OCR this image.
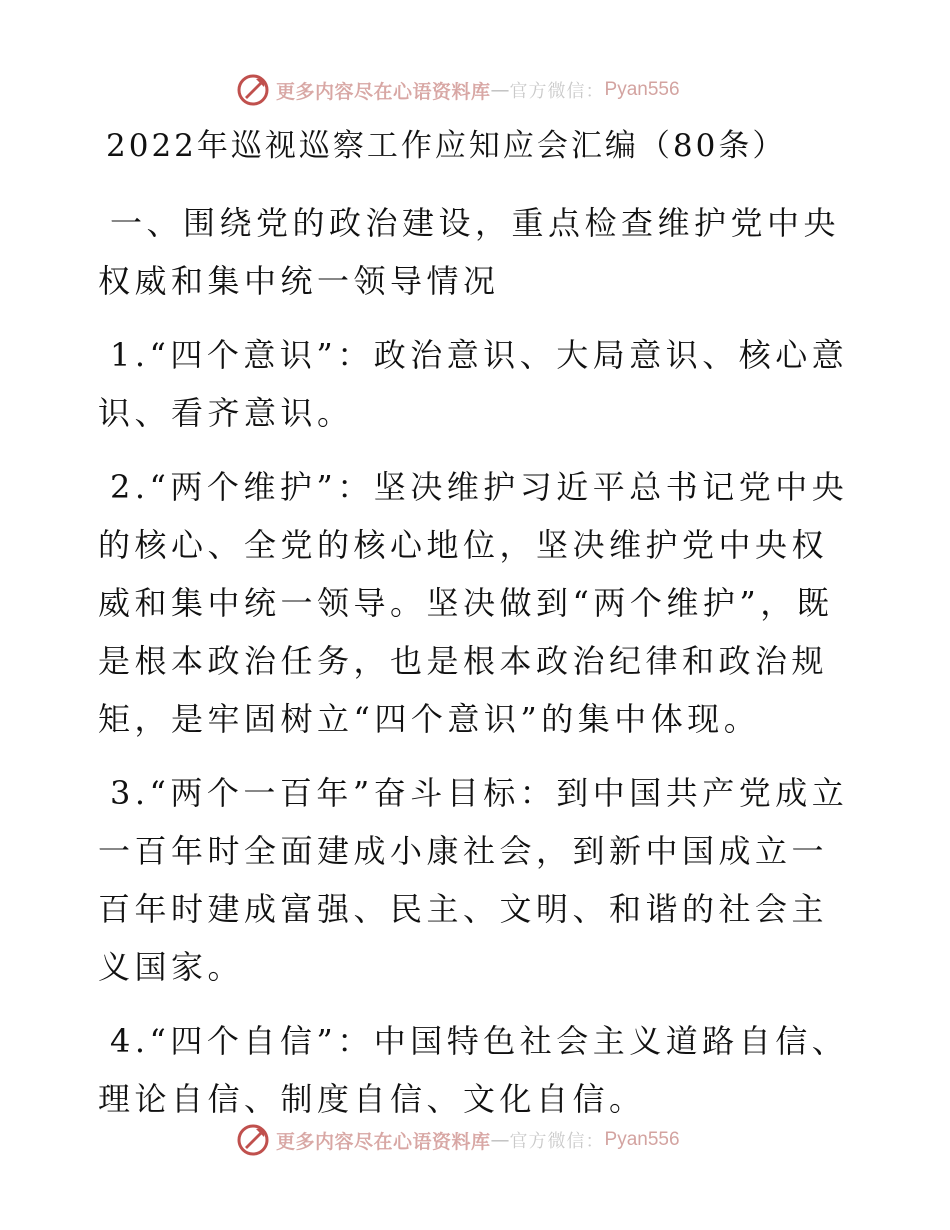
更多内容尽在心语资料库 — 官方微信： Pyan556
2022年巡视巡察工作应知应会汇编（80条）

一、围绕党的政治建设，重点检查维护党中央权威和集中统一领导情况

1.“四个意识”：政治意识、大局意识、核心意识、看齐意识。

2.“两个维护”：坚决维护习近平总书记党中央的核心、全党的核心地位，坚决维护党中央权威和集中统一领导。坚决做到“两个维护”，既是根本政治任务，也是根本政治纪律和政治规矩，是牢固树立“四个意识”的集中体现。

3.“两个一百年”奋斗目标：到中国共产党成立一百年时全面建成小康社会，到新中国成立一百年时建成富强、民主、文明、和谐的社会主义国家。

4.“四个自信”：中国特色社会主义道路自信、理论自信、制度自信、文化自信。

更多内容尽在心语资料库 — 官方微信： Pyan556
